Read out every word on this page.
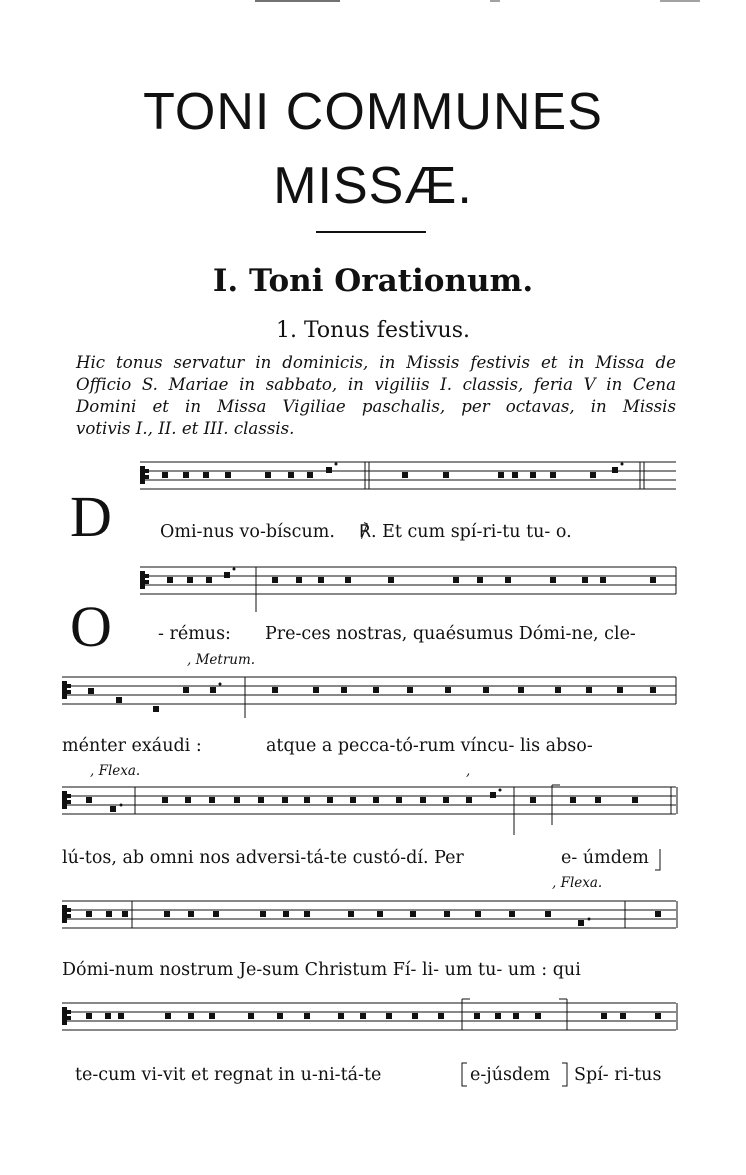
TONI COMMUNES
MISSÆ.
I. Toni Orationum.
1. Tonus festivus.
Hic tonus servatur in dominicis, in Missis festivis et in Missa de
Officio S. Mariae in sabbato, in vigiliis I. classis, feria V in Cena
Domini et in Missa Vigiliae paschalis, per octavas, in Missis
votivis I., II. et III. classis.
D
O
Omi-nus vo-bíscum. ℟. Et cum spí-ri-tu tu- o.
- rémus: Pre-ces nostras, quaésumus Dómi-ne, cle-
, Metrum.
ménter exáudi :	atque a pecca-tó-rum víncu- lis abso-
, Flexa.	,
lú-tos, ab omni nos adversi-tá-te custó-dí. Per	e- úmdem
, Flexa.
Dómi-num nostrum Je-sum Christum Fí- li- um tu- um : qui
te-cum vi-vit et regnat in u-ni-tá-te	e-júsdem Spí- ri-tus
